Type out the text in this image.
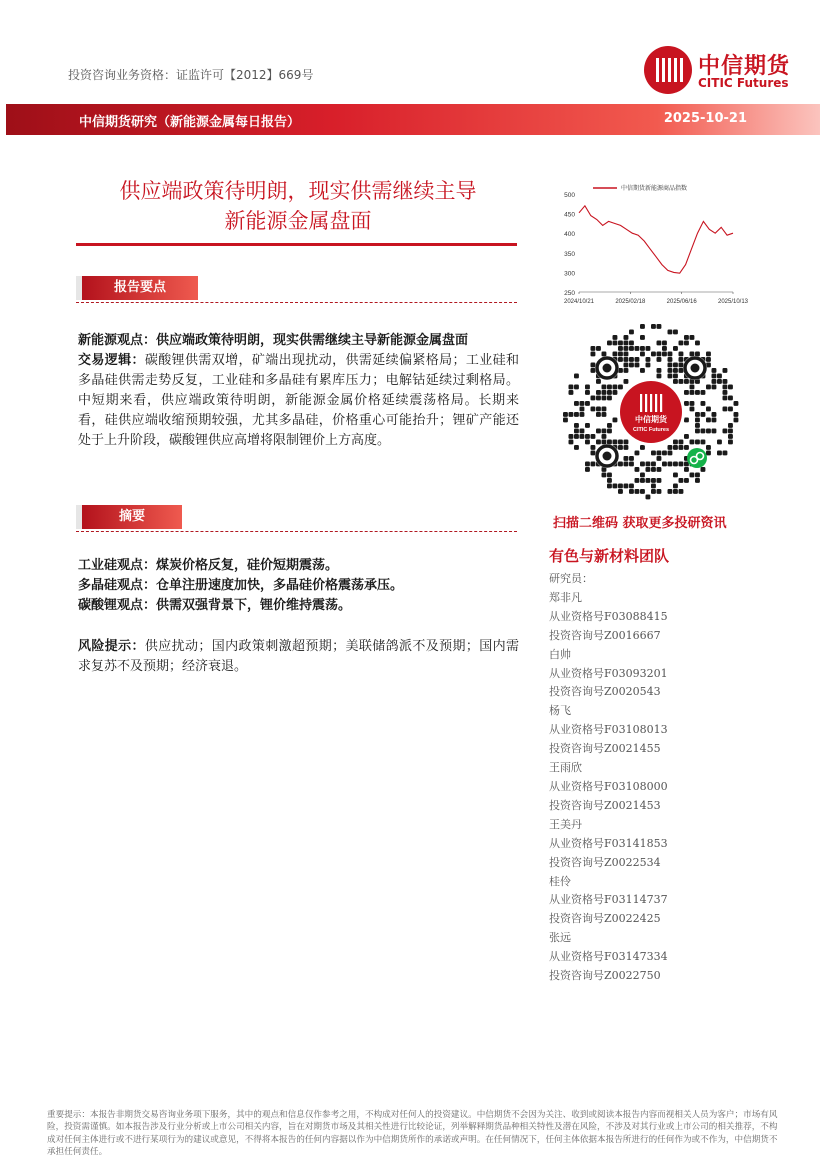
投资咨询业务资格：证监许可【2012】669号	中信期货
CITIC Futures
中信期货研究（新能源金属每日报告）	2025-10-21
供应端政策待明朗，现实供需继续主导
新能源金属盘面
报告要点
新能源观点：供应端政策待明朗，现实供需继续主导新能源金属盘面
交易逻辑：碳酸锂供需双增，矿端出现扰动，供需延续偏紧格局；工业硅和多晶硅供需走势反复，工业硅和多晶硅有累库压力；电解钴延续过剩格局。中短期来看，供应端政策待明朗，新能源金属价格延续震荡格局。长期来看，硅供应端收缩预期较强，尤其多晶硅，价格重心可能抬升；锂矿产能还处于上升阶段，碳酸锂供应高增将限制锂价上方高度。
摘要
工业硅观点：煤炭价格反复，硅价短期震荡。
多晶硅观点：仓单注册速度加快，多晶硅价格震荡承压。
碳酸锂观点：供需双强背景下，锂价维持震荡。
风险提示：供应扰动；国内政策刺激超预期；美联储鸽派不及预期；国内需求复苏不及预期；经济衰退。
500
450
400
350
300
250
2024/10/21	2025/02/18	2025/06/16	2025/10/13
中信期货新能源商品指数
中信期货
CITIC Futures
扫描二维码 获取更多投研资讯
有色与新材料团队
研究员：
郑非凡
从业资格号F03088415
投资咨询号Z0016667
白帅
从业资格号F03093201
投资咨询号Z0020543
杨飞
从业资格号F03108013
投资咨询号Z0021455
王雨欣
从业资格号F03108000
投资咨询号Z0021453
王美丹
从业资格号F03141853
投资咨询号Z0022534
桂伶
从业资格号F03114737
投资咨询号Z0022425
张远
从业资格号F03147334
投资咨询号Z0022750
重要提示：本报告非期货交易咨询业务项下服务，其中的观点和信息仅作参考之用，不构成对任何人的投资建议。中信期货不会因为关注、收到或阅读本报告内容而视相关人员为客户；市场有风险，投资需谨慎。如本报告涉及行业分析或上市公司相关内容，旨在对期货市场及其相关性进行比较论证，列举解释期货品种相关特性及潜在风险，不涉及对其行业或上市公司的相关推荐，不构成对任何主体进行或不进行某项行为的建议或意见，不得将本报告的任何内容据以作为中信期货所作的承诺或声明。在任何情况下，任何主体依据本报告所进行的任何作为或不作为，中信期货不承担任何责任。
